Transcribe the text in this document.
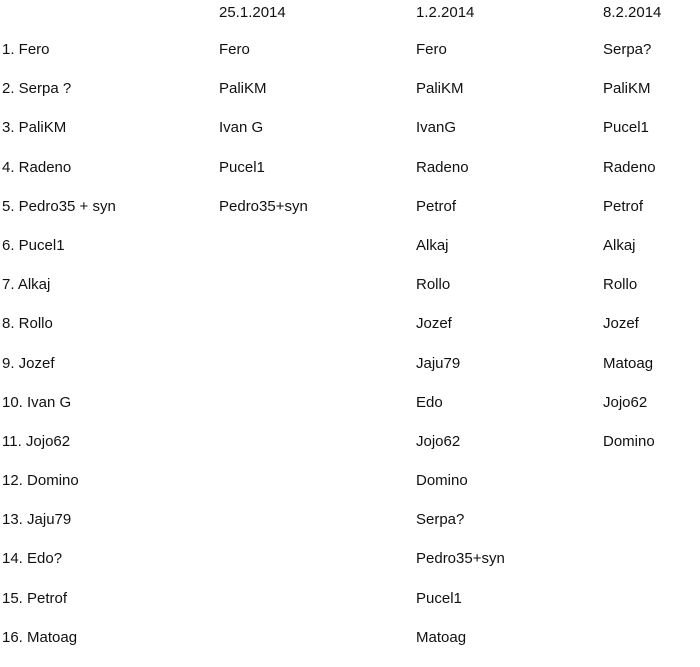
25.1.2014	1.2.2014	8.2.2014
1. Fero
2. Serpa ?
3. PaliKM
4. Radeno
5. Pedro35 + syn
6. Pucel1
7. Alkaj
8. Rollo
9. Jozef
10. Ivan G
11. Jojo62
12. Domino
13. Jaju79
14. Edo?
15. Petrof
16. Matoag
Fero
PaliKM
Ivan G
Pucel1
Pedro35+syn
Fero
PaliKM
IvanG
Radeno
Petrof
Alkaj
Rollo
Jozef
Jaju79
Edo
Jojo62
Domino
Serpa?
Pedro35+syn
Pucel1
Matoag
Serpa?
PaliKM
Pucel1
Radeno
Petrof
Alkaj
Rollo
Jozef
Matoag
Jojo62
Domino
